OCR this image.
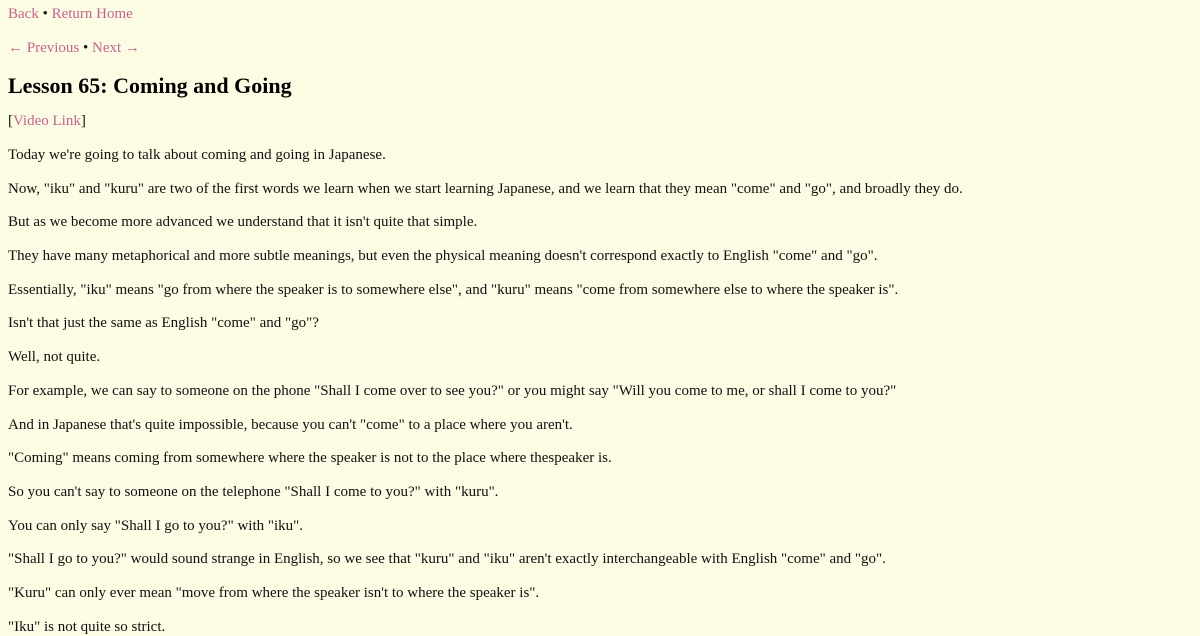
Back • Return Home
← Previous • Next →
Lesson 65: Coming and Going
[Video Link]

Today we're going to talk about coming and going in Japanese.

Now, "iku" and "kuru" are two of the first words we learn when we start learning Japanese, and we learn that they mean "come" and "go", and broadly they do.

But as we become more advanced we understand that it isn't quite that simple.

They have many metaphorical and more subtle meanings, but even the physical meaning doesn't correspond exactly to English "come" and "go".

Essentially, "iku" means "go from where the speaker is to somewhere else", and "kuru" means "come from somewhere else to where the speaker is".

Isn't that just the same as English "come" and "go"?

Well, not quite.

For example, we can say to someone on the phone "Shall I come over to see you?" or you might say "Will you come to me, or shall I come to you?"

And in Japanese that's quite impossible, because you can't "come" to a place where you aren't.

"Coming" means coming from somewhere where the speaker is not to the place where thespeaker is.

So you can't say to someone on the telephone "Shall I come to you?" with "kuru".

You can only say "Shall I go to you?" with "iku".

"Shall I go to you?" would sound strange in English, so we see that "kuru" and "iku" aren't exactly interchangeable with English "come" and "go".

"Kuru" can only ever mean "move from where the speaker isn't to where the speaker is".

"Iku" is not quite so strict.
